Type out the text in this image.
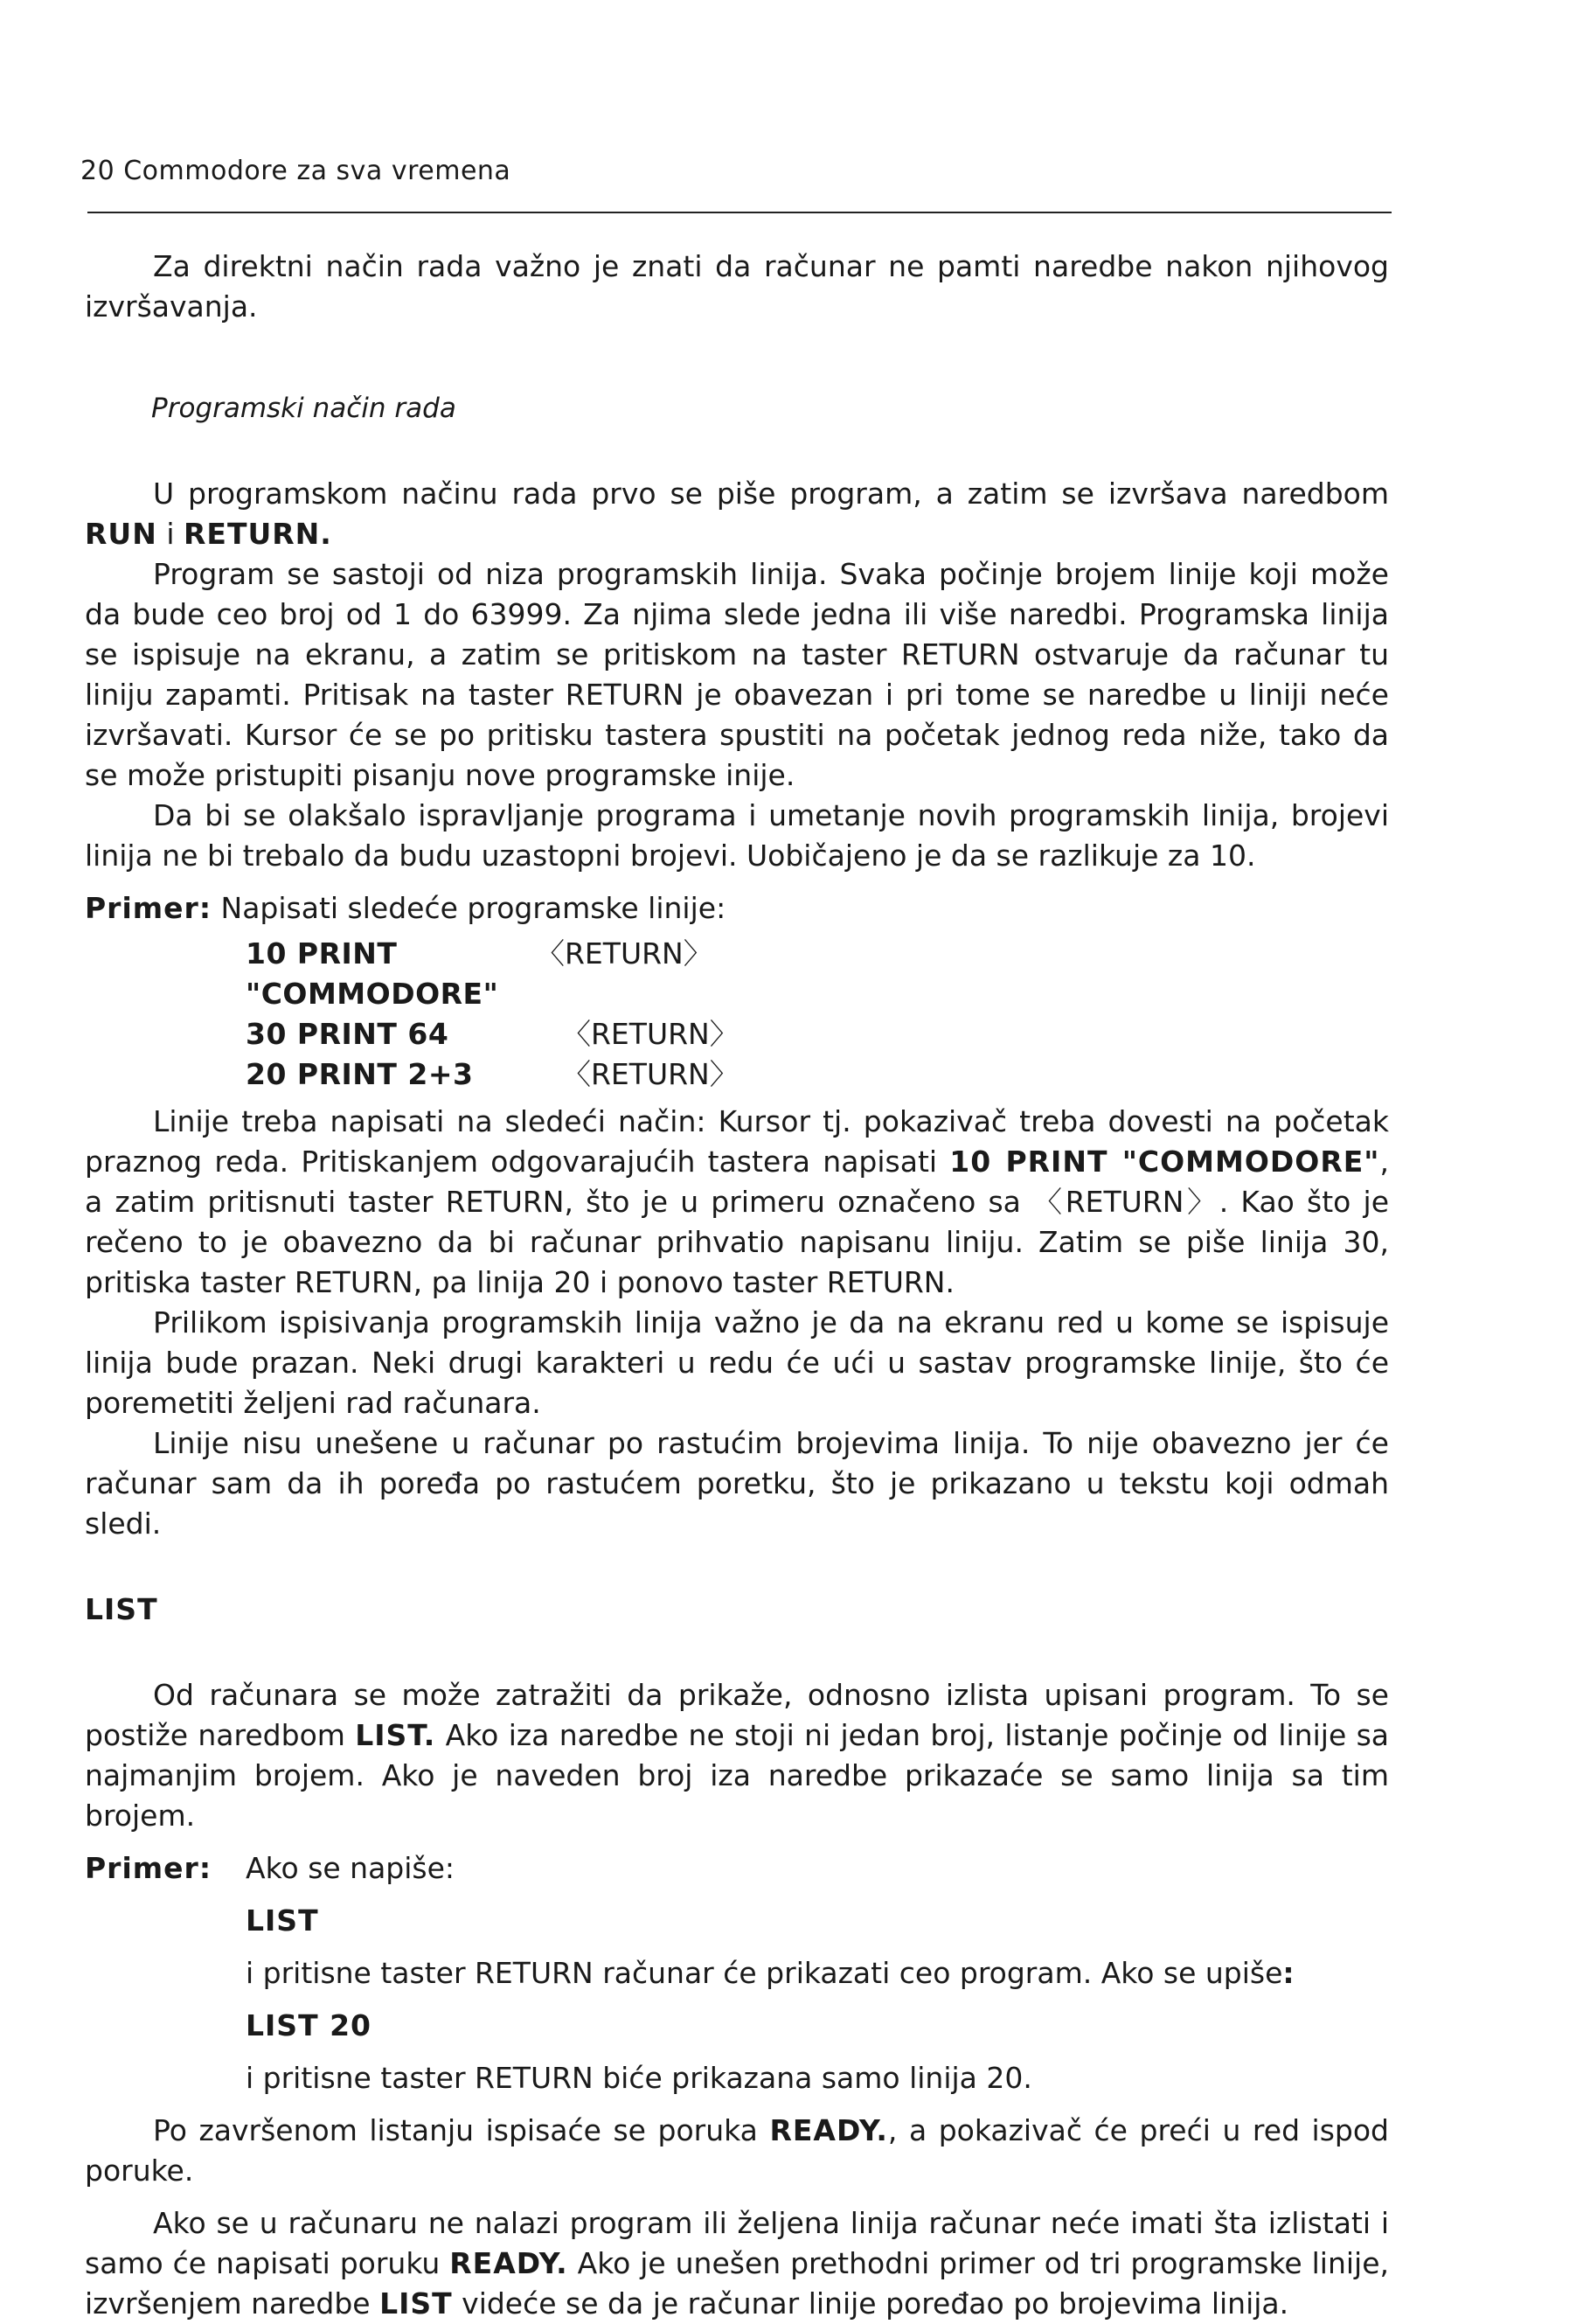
20 Commodore za sva vremena

Za direktni način rada važno je znati da računar ne pamti naredbe nakon njihovog izvršavanja.

Programski način rada

U programskom načinu rada prvo se piše program, a zatim se izvršava naredbom RUN i RETURN.

Program se sastoji od niza programskih linija. Svaka počinje brojem linije koji može da bude ceo broj od 1 do 63999. Za njima slede jedna ili više naredbi. Programska linija se ispisuje na ekranu, a zatim se pritiskom na taster RETURN ostvaruje da računar tu liniju zapamti. Pritisak na taster RETURN je obavezan i pri tome se naredbe u liniji neće izvršavati. Kursor će se po pritisku tastera spustiti na početak jednog reda niže, tako da se može pristupiti pisanju nove programske inije.

Da bi se olakšalo ispravljanje programa i umetanje novih programskih linija, brojevi linija ne bi trebalo da budu uzastopni brojevi. Uobičajeno je da se razlikuje za 10.

Primer: Napisati sledeće programske linije:

10 PRINT "COMMODORE"
〈RETURN〉
30 PRINT 64	〈RETURN〉
20 PRINT 2+3	〈RETURN〉

Linije treba napisati na sledeći način: Kursor tj. pokazivač treba dovesti na početak praznog reda. Pritiskanjem odgovarajućih tastera napisati 10 PRINT "COMMODORE", a zatim pritisnuti taster RETURN, što je u primeru označeno sa 〈RETURN〉. Kao što je rečeno to je obavezno da bi računar prihvatio napisanu liniju. Zatim se piše linija 30, pritiska taster RETURN, pa linija 20 i ponovo taster RETURN.

Prilikom ispisivanja programskih linija važno je da na ekranu red u kome se ispisuje linija bude prazan. Neki drugi karakteri u redu će ući u sastav programske linije, što će poremetiti željeni rad računara.

Linije nisu unešene u računar po rastućim brojevima linija. To nije obavezno jer će računar sam da ih poređa po rastućem poretku, što je prikazano u tekstu koji odmah sledi.

LIST

Od računara se može zatražiti da prikaže, odnosno izlista upisani program. To se postiže naredbom LIST. Ako iza naredbe ne stoji ni jedan broj, listanje počinje od linije sa najmanjim brojem. Ako je naveden broj iza naredbe prikazaće se samo linija sa tim brojem.

Primer:	Ako se napiše:

LIST

i pritisne taster RETURN računar će prikazati ceo program. Ako se upiše:

LIST 20

i pritisne taster RETURN biće prikazana samo linija 20.

Po završenom listanju ispisaće se poruka READY., a pokazivač će preći u red ispod poruke.

Ako se u računaru ne nalazi program ili željena linija računar neće imati šta izlistati i samo će napisati poruku READY. Ako je unešen prethodni primer od tri programske linije, izvršenjem naredbe LIST videće se da je računar linije poređao po brojevima linija.
